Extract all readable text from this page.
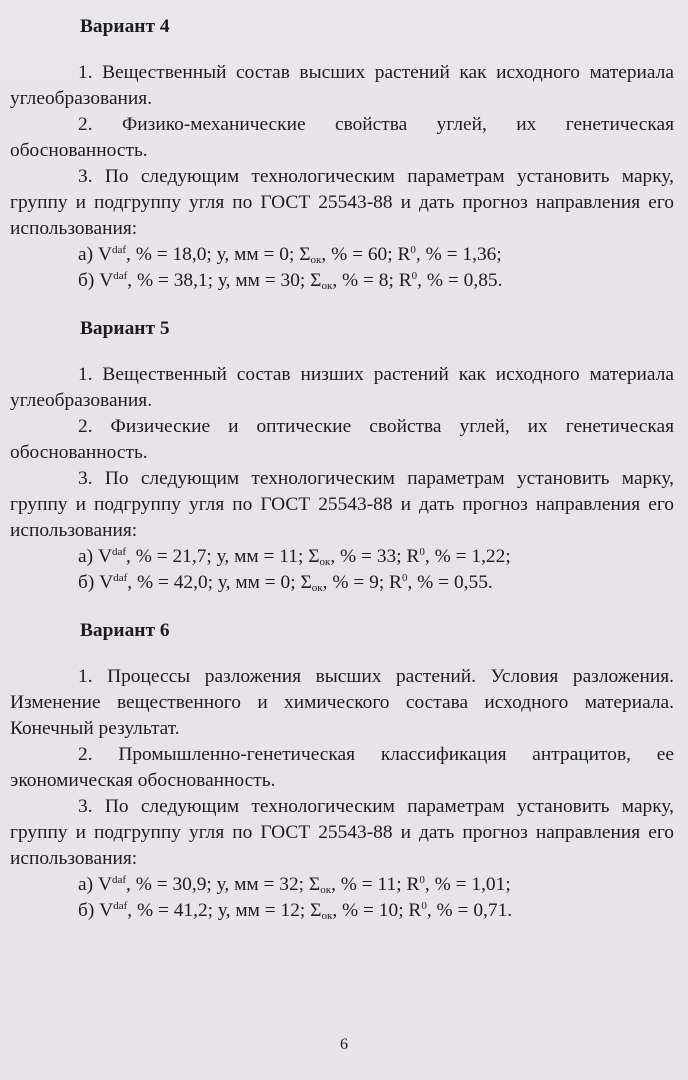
Вариант 4

1. Вещественный состав высших растений как исходного материала углеобразования.

2. Физико-механические свойства углей, их генетическая обоснованность.

3. По следующим технологическим параметрам установить марку, группу и подгруппу угля по ГОСТ 25543-88 и дать прогноз направления его использования:

а) $V^{daf}$, % = 18,0; у, мм = 0; $\Sigma_{ок}$, % = 60; $R^0$, % = 1,36;

б) $V^{daf}$, % = 38,1; у, мм = 30; $\Sigma_{ок}$, % = 8; $R^0$, % = 0,85.

Вариант 5

1. Вещественный состав низших растений как исходного материала углеобразования.

2. Физические и оптические свойства углей, их генетическая обоснованность.

3. По следующим технологическим параметрам установить марку, группу и подгруппу угля по ГОСТ 25543-88 и дать прогноз направления его использования:

а) $V^{daf}$, % = 21,7; у, мм = 11; $\Sigma_{ок}$, % = 33; $R^0$, % = 1,22;

б) $V^{daf}$, % = 42,0; у, мм = 0; $\Sigma_{ок}$, % = 9; $R^0$, % = 0,55.

Вариант 6

1. Процессы разложения высших растений. Условия разложения. Изменение вещественного и химического состава исходного материала. Конечный результат.

2. Промышленно-генетическая классификация антрацитов, ее экономическая обоснованность.

3. По следующим технологическим параметрам установить марку, группу и подгруппу угля по ГОСТ 25543-88 и дать прогноз направления его использования:

а) $V^{daf}$, % = 30,9; у, мм = 32; $\Sigma_{ок}$, % = 11; $R^0$, % = 1,01;

б) $V^{daf}$, % = 41,2; у, мм = 12; $\Sigma_{ок}$, % = 10; $R^0$, % = 0,71.

6
